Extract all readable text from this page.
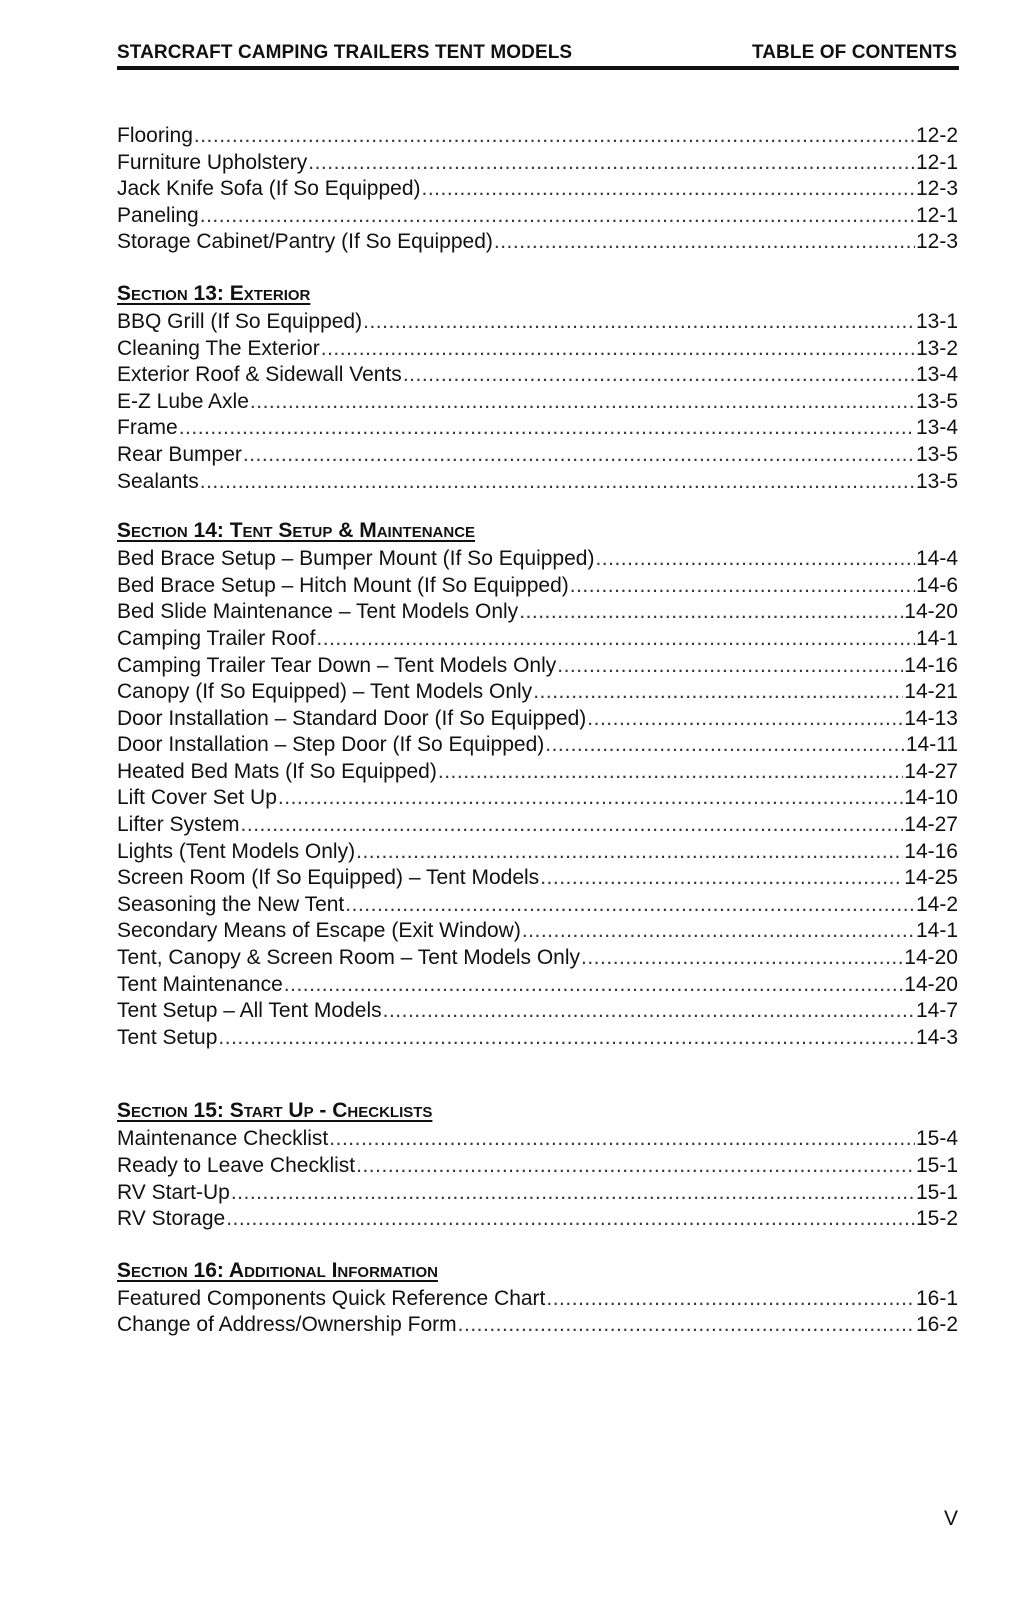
STARCRAFT CAMPING TRAILERS TENT MODELS	TABLE OF CONTENTS
Flooring .....	12-2
Furniture Upholstery .....	12-1
Jack Knife Sofa (If So Equipped) .....	12-3
Paneling .....	12-1
Storage Cabinet/Pantry (If So Equipped) .....	12-3
Section 13: Exterior
BBQ Grill (If So Equipped) .....	13-1
Cleaning The Exterior .....	13-2
Exterior Roof & Sidewall Vents .....	13-4
E-Z Lube Axle .....	13-5
Frame .....	13-4
Rear Bumper .....	13-5
Sealants .....	13-5
Section 14: Tent Setup & Maintenance
Bed Brace Setup – Bumper Mount (If So Equipped) .....	14-4
Bed Brace Setup – Hitch Mount (If So Equipped) .....	14-6
Bed Slide Maintenance – Tent Models Only .....	14-20
Camping Trailer Roof .....	14-1
Camping Trailer Tear Down – Tent Models Only .....	14-16
Canopy (If So Equipped) – Tent Models Only .....	14-21
Door Installation – Standard Door (If So Equipped) .....	14-13
Door Installation – Step Door (If So Equipped) .....	14-11
Heated Bed Mats (If So Equipped) .....	14-27
Lift Cover Set Up .....	14-10
Lifter System .....	14-27
Lights (Tent Models Only) .....	14-16
Screen Room (If So Equipped) – Tent Models .....	14-25
Seasoning the New Tent .....	14-2
Secondary Means of Escape (Exit Window) .....	14-1
Tent, Canopy & Screen Room – Tent Models Only .....	14-20
Tent Maintenance .....	14-20
Tent Setup – All Tent Models .....	14-7
Tent Setup .....	14-3
Section 15: Start Up - Checklists
Maintenance Checklist .....	15-4
Ready to Leave Checklist .....	15-1
RV Start-Up .....	15-1
RV Storage .....	15-2
Section 16: Additional Information
Featured Components Quick Reference Chart .....	16-1
Change of Address/Ownership Form .....	16-2
V
